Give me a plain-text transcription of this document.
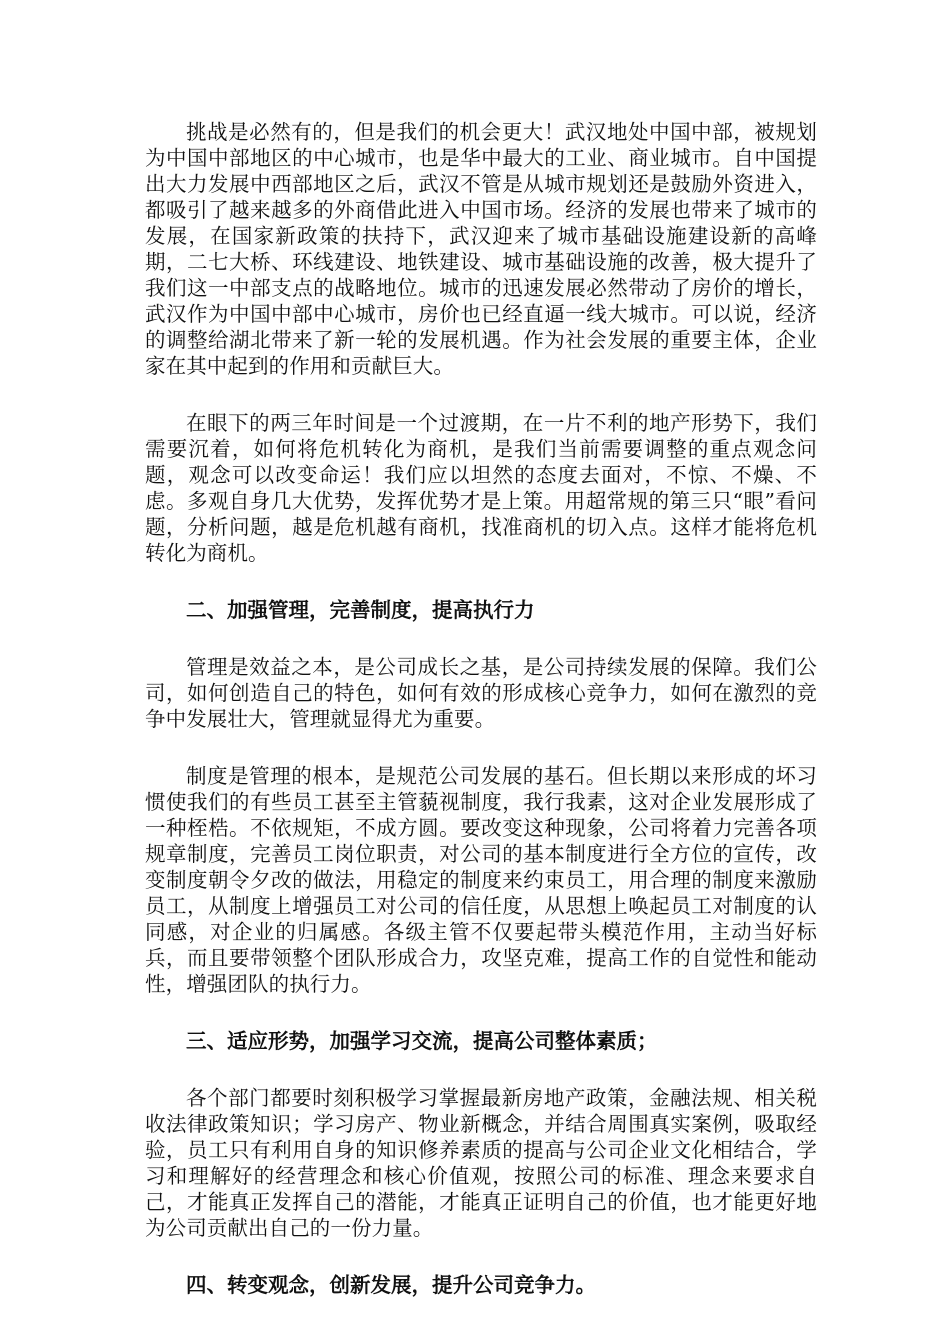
挑战是必然有的，但是我们的机会更大！武汉地处中国中部，被规划为中国中部地区的中心城市，也是华中最大的工业、商业城市。自中国提出大力发展中西部地区之后，武汉不管是从城市规划还是鼓励外资进入，都吸引了越来越多的外商借此进入中国市场。经济的发展也带来了城市的发展，在国家新政策的扶持下，武汉迎来了城市基础设施建设新的高峰期，二七大桥、环线建设、地铁建设、城市基础设施的改善，极大提升了我们这一中部支点的战略地位。城市的迅速发展必然带动了房价的增长，武汉作为中国中部中心城市，房价也已经直逼一线大城市。可以说，经济的调整给湖北带来了新一轮的发展机遇。作为社会发展的重要主体，企业家在其中起到的作用和贡献巨大。

在眼下的两三年时间是一个过渡期，在一片不利的地产形势下，我们需要沉着，如何将危机转化为商机，是我们当前需要调整的重点观念问题，观念可以改变命运！我们应以坦然的态度去面对，不惊、不燥、不虑。多观自身几大优势，发挥优势才是上策。用超常规的第三只“眼”看问题，分析问题，越是危机越有商机，找准商机的切入点。这样才能将危机转化为商机。

二、加强管理，完善制度，提高执行力

管理是效益之本，是公司成长之基，是公司持续发展的保障。我们公司，如何创造自己的特色，如何有效的形成核心竞争力，如何在激烈的竞争中发展壮大，管理就显得尤为重要。

制度是管理的根本，是规范公司发展的基石。但长期以来形成的坏习惯使我们的有些员工甚至主管藐视制度，我行我素，这对企业发展形成了一种桎梏。不依规矩，不成方圆。要改变这种现象，公司将着力完善各项规章制度，完善员工岗位职责，对公司的基本制度进行全方位的宣传，改变制度朝令夕改的做法，用稳定的制度来约束员工，用合理的制度来激励员工，从制度上增强员工对公司的信任度，从思想上唤起员工对制度的认同感，对企业的归属感。各级主管不仅要起带头模范作用，主动当好标兵，而且要带领整个团队形成合力，攻坚克难，提高工作的自觉性和能动性，增强团队的执行力。

三、适应形势，加强学习交流，提高公司整体素质；

各个部门都要时刻积极学习掌握最新房地产政策，金融法规、相关税收法律政策知识；学习房产、物业新概念，并结合周围真实案例，吸取经验，员工只有利用自身的知识修养素质的提高与公司企业文化相结合，学习和理解好的经营理念和核心价值观，按照公司的标准、理念来要求自己，才能真正发挥自己的潜能，才能真正证明自己的价值，也才能更好地为公司贡献出自己的一份力量。

四、转变观念，创新发展，提升公司竞争力。
